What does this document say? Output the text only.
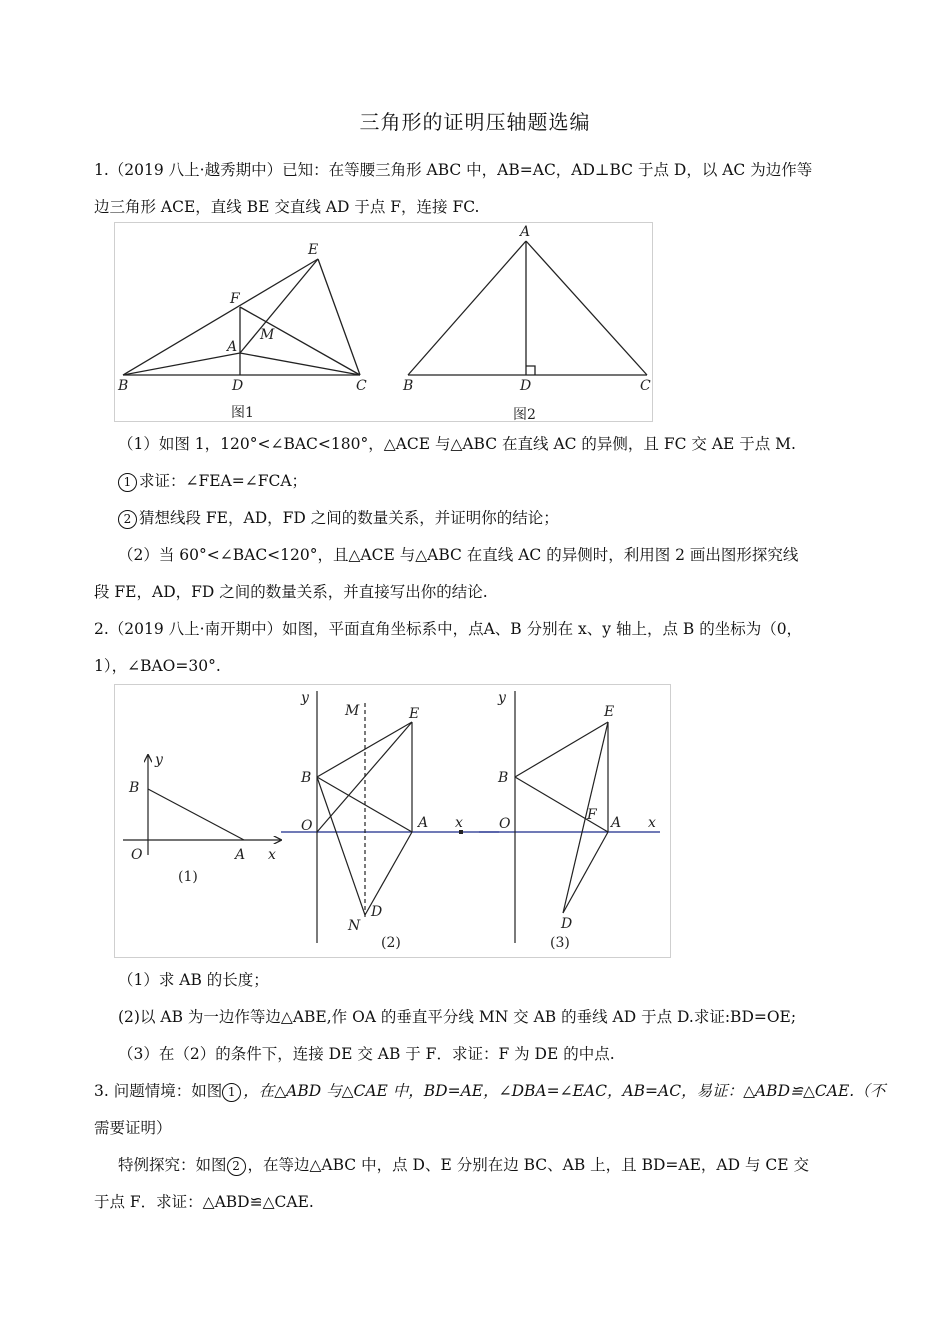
三角形的证明压轴题选编
1.（2019 八上·越秀期中）已知：在等腰三角形 ABC 中，AB=AC，AD⊥BC 于点 D，以 AC 为边作等
边三角形 ACE，直线 BE 交直线 AD 于点 F，连接 FC.
B	D	C
E
F
A
M
图1
B	D	C
A
图2
（1）如图 1，120°<∠BAC<180°，△ACE 与△ABC 在直线 AC 的异侧，且 FC 交 AE 于点 M.
1 求证：∠FEA=∠FCA；
2 猜想线段 FE，AD，FD 之间的数量关系，并证明你的结论；
（2）当 60°<∠BAC<120°，且△ACE 与△ABC 在直线 AC 的异侧时，利用图 2 画出图形探究线
段 FE，AD，FD 之间的数量关系，并直接写出你的结论.
2.（2019 八上·南开期中）如图，平面直角坐标系中，点A、B 分别在 x、y 轴上，点 B 的坐标为（0，
1），∠BAO=30°.
B
y
O	A x
(1)
y
M	E
B
O	A x
D
N
(2)
y
E
B
O
F A x
D
(3)
（1）求 AB 的长度；
(2)以 AB 为一边作等边△ABE,作 OA 的垂直平分线 MN 交 AB 的垂线 AD 于点 D.求证:BD=OE;
（3）在（2）的条件下，连接 DE 交 AB 于 F．求证：F 为 DE 的中点.
3. 问题情境：如图 1 ，在△ABD 与△CAE 中，BD=AE，∠DBA=∠EAC，AB=AC，易证：△ABD≌△CAE.（不
需要证明）
特例探究：如图 2 ，在等边△ABC 中，点 D、E 分别在边 BC、AB 上，且 BD=AE，AD 与 CE 交
于点 F．求证：△ABD≌△CAE.
